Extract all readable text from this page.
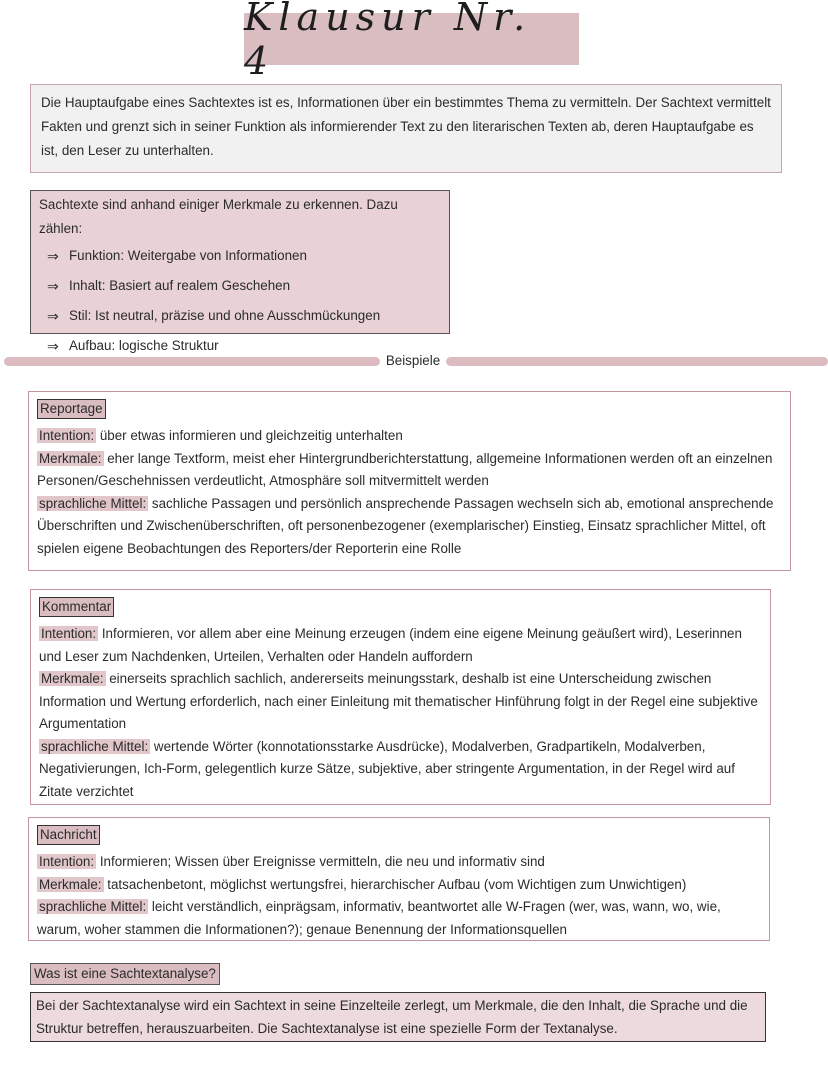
Klausur Nr. 4
Die Hauptaufgabe eines Sachtextes ist es, Informationen über ein bestimmtes Thema zu vermitteln. Der Sachtext vermittelt Fakten und grenzt sich in seiner Funktion als informierender Text zu den literarischen Texten ab, deren Hauptaufgabe es ist, den Leser zu unterhalten.
Sachtexte sind anhand einiger Merkmale zu erkennen. Dazu zählen:
⇒ Funktion: Weitergabe von Informationen
⇒ Inhalt: Basiert auf realem Geschehen
⇒ Stil: Ist neutral, präzise und ohne Ausschmückungen
⇒ Aufbau: logische Struktur
Beispiele
Reportage
Intention: über etwas informieren und gleichzeitig unterhalten
Merkmale: eher lange Textform, meist eher Hintergrundberichterstattung, allgemeine Informationen werden oft an einzelnen Personen/Geschehnissen verdeutlicht, Atmosphäre soll mitvermittelt werden
sprachliche Mittel: sachliche Passagen und persönlich ansprechende Passagen wechseln sich ab, emotional ansprechende Überschriften und Zwischenüberschriften, oft personenbezogener (exemplarischer) Einstieg, Einsatz sprachlicher Mittel, oft spielen eigene Beobachtungen des Reporters/der Reporterin eine Rolle
Kommentar
Intention: Informieren, vor allem aber eine Meinung erzeugen (indem eine eigene Meinung geäußert wird), Leserinnen und Leser zum Nachdenken, Urteilen, Verhalten oder Handeln auffordern
Merkmale: einerseits sprachlich sachlich, andererseits meinungsstark, deshalb ist eine Unterscheidung zwischen Information und Wertung erforderlich, nach einer Einleitung mit thematischer Hinführung folgt in der Regel eine subjektive Argumentation
sprachliche Mittel: wertende Wörter (konnotationsstarke Ausdrücke), Modalverben, Gradpartikeln, Modalverben, Negativierungen, Ich-Form, gelegentlich kurze Sätze, subjektive, aber stringente Argumentation, in der Regel wird auf Zitate verzichtet
Nachricht
Intention: Informieren; Wissen über Ereignisse vermitteln, die neu und informativ sind
Merkmale: tatsachenbetont, möglichst wertungsfrei, hierarchischer Aufbau (vom Wichtigen zum Unwichtigen)
sprachliche Mittel: leicht verständlich, einprägsam, informativ, beantwortet alle W-Fragen (wer, was, wann, wo, wie, warum, woher stammen die Informationen?); genaue Benennung der Informationsquellen
Was ist eine Sachtextanalyse?
Bei der Sachtextanalyse wird ein Sachtext in seine Einzelteile zerlegt, um Merkmale, die den Inhalt, die Sprache und die Struktur betreffen, herauszuarbeiten. Die Sachtextanalyse ist eine spezielle Form der Textanalyse.
